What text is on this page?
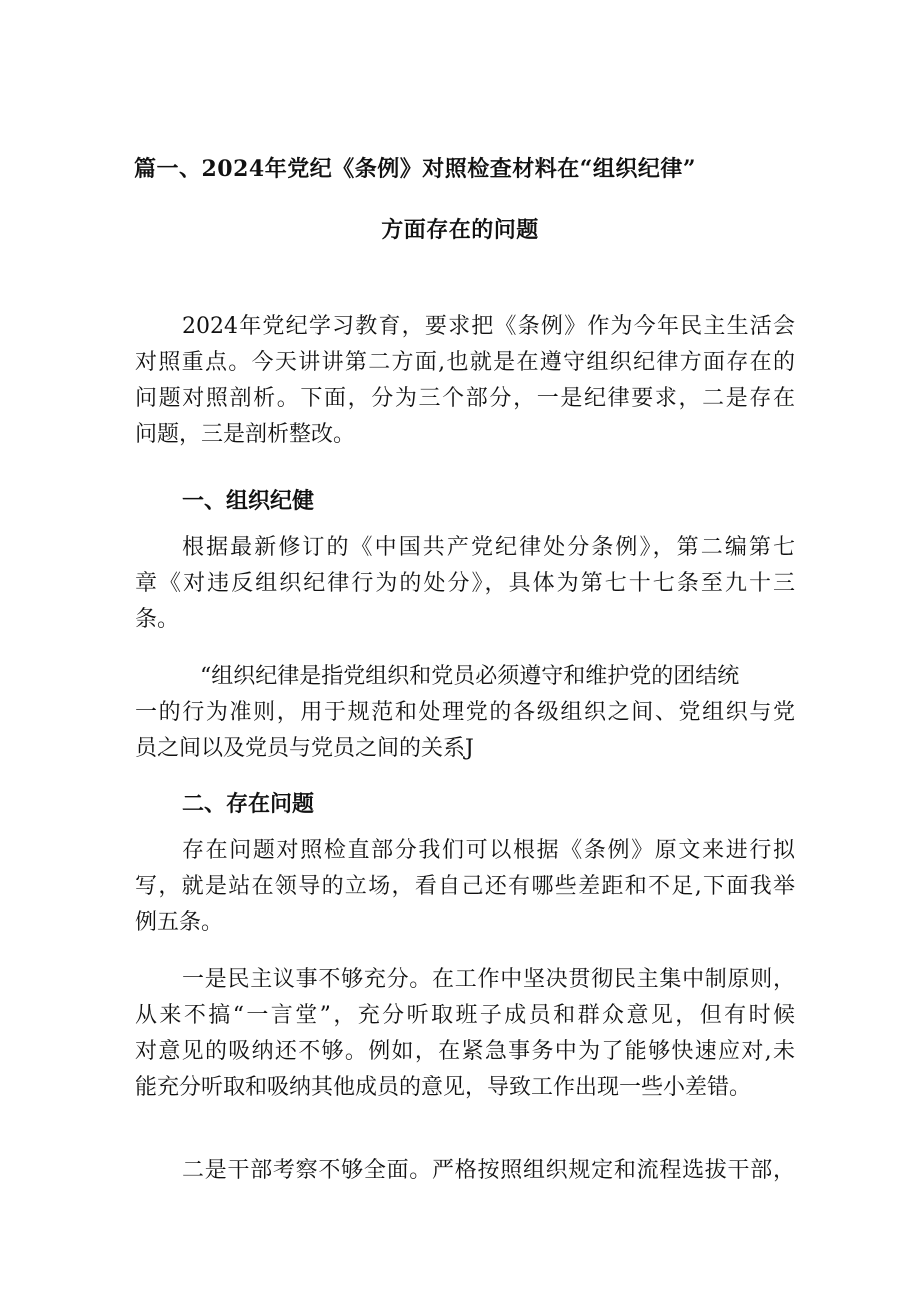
篇一、2024年党纪《条例》对照检查材料在“组织纪律”
方面存在的问题
2024年党纪学习教育，要求把《条例》作为今年民主生活会
对照重点。今天讲讲第二方面,也就是在遵守组织纪律方面存在的
问题对照剖析。下面，分为三个部分，一是纪律要求，二是存在
问题，三是剖析整改。
一、组织纪健
根据最新修订的《中国共产党纪律处分条例》，第二编第七
章《对违反组织纪律行为的处分》，具体为第七十七条至九十三
条。
“组织纪律是指党组织和党员必须遵守和维护党的团结统
一的行为准则，用于规范和处理党的各级组织之间、党组织与党
员之间以及党员与党员之间的关系J
二、存在问题
存在问题对照检直部分我们可以根据《条例》原文来进行拟
写，就是站在领导的立场，看自己还有哪些差距和不足,下面我举
例五条。
一是民主议事不够充分。在工作中坚决贯彻民主集中制原则，
从来不搞“一言堂”，充分听取班子成员和群众意见，但有时候
对意见的吸纳还不够。例如，在紧急事务中为了能够快速应对,未
能充分听取和吸纳其他成员的意见，导致工作出现一些小差错。
二是干部考察不够全面。严格按照组织规定和流程选拔干部，
